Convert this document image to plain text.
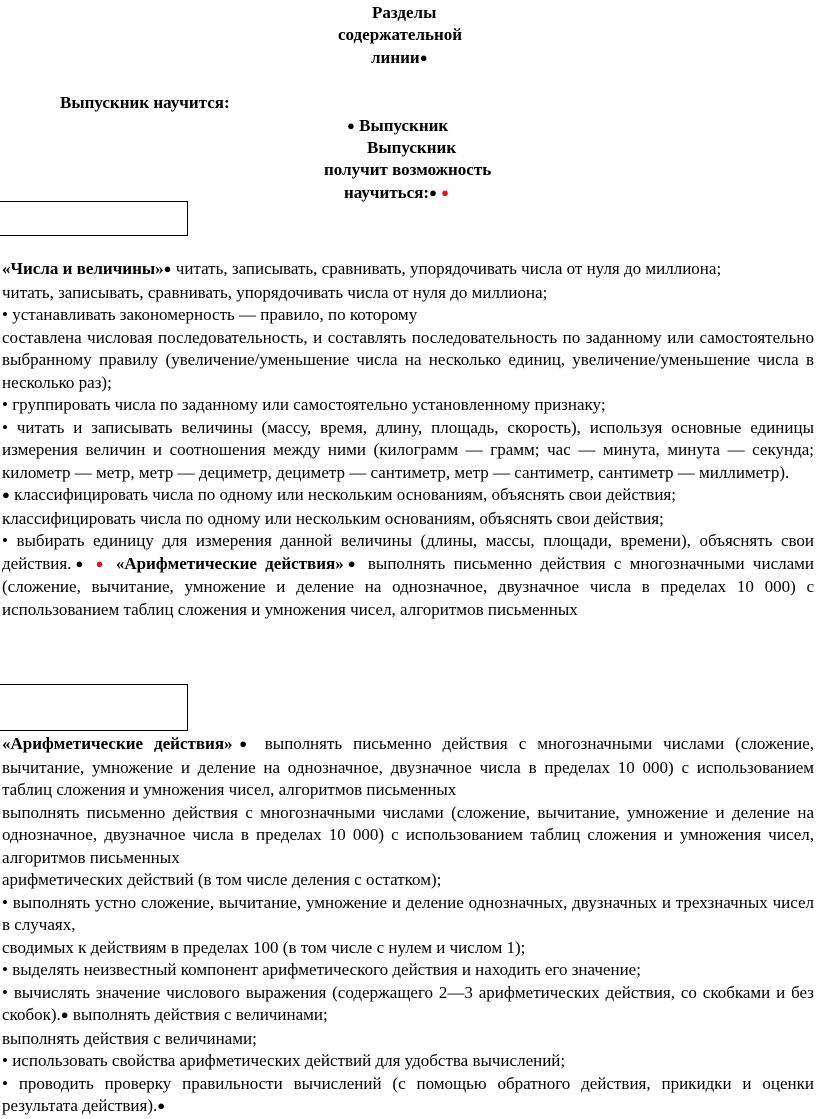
Разделы
содержательной
линии●
Выпускник научится:
● Выпускник
Выпускник
получит возможность
научиться:● ●
«Числа и величины»● читать, записывать, сравнивать, упорядочивать числа от нуля до миллиона;
читать, записывать, сравнивать, упорядочивать числа от нуля до миллиона;
• устанавливать закономерность — правило, по которому
составлена числовая последовательность, и составлять последовательность по заданному или самостоятельно выбранному правилу (увеличение/уменьшение числа на несколько единиц, увеличение/уменьшение числа в несколько раз);
• группировать числа по заданному или самостоятельно установленному признаку;
• читать и записывать величины (массу, время, длину, площадь, скорость), используя основные единицы измерения величин и соотношения между ними (килограмм — грамм; час — минута, минута — секунда; километр — метр, метр — дециметр, дециметр — сантиметр, метр — сантиметр, сантиметр — миллиметр).
● классифицировать числа по одному или нескольким основаниям, объяснять свои действия;
классифицировать числа по одному или нескольким основаниям, объяснять свои действия;
• выбирать единицу для измерения данной величины (длины, массы, площади, времени), объяснять свои действия.● ● «Арифметические действия»● выполнять письменно действия с многозначными числами (сложение, вычитание, умножение и деление на однозначное, двузначное числа в пределах 10 000) с использованием таблиц сложения и умножения чисел, алгоритмов письменных
«Арифметические действия»● выполнять письменно действия с многозначными числами (сложение, вычитание, умножение и деление на однозначное, двузначное числа в пределах 10 000) с использованием таблиц сложения и умножения чисел, алгоритмов письменных
выполнять письменно действия с многозначными числами (сложение, вычитание, умножение и деление на однозначное, двузначное числа в пределах 10 000) с использованием таблиц сложения и умножения чисел, алгоритмов письменных
арифметических действий (в том числе деления с остатком);
• выполнять устно сложение, вычитание, умножение и деление однозначных, двузначных и трехзначных чисел в случаях,
сводимых к действиям в пределах 100 (в том числе с нулем и числом 1);
• выделять неизвестный компонент арифметического действия и находить его значение;
• вычислять значение числового выражения (содержащего 2—3 арифметических действия, со скобками и без скобок).● выполнять действия с величинами;
выполнять действия с величинами;
• использовать свойства арифметических действий для удобства вычислений;
• проводить проверку правильности вычислений (с помощью обратного действия, прикидки и оценки результата действия).●
